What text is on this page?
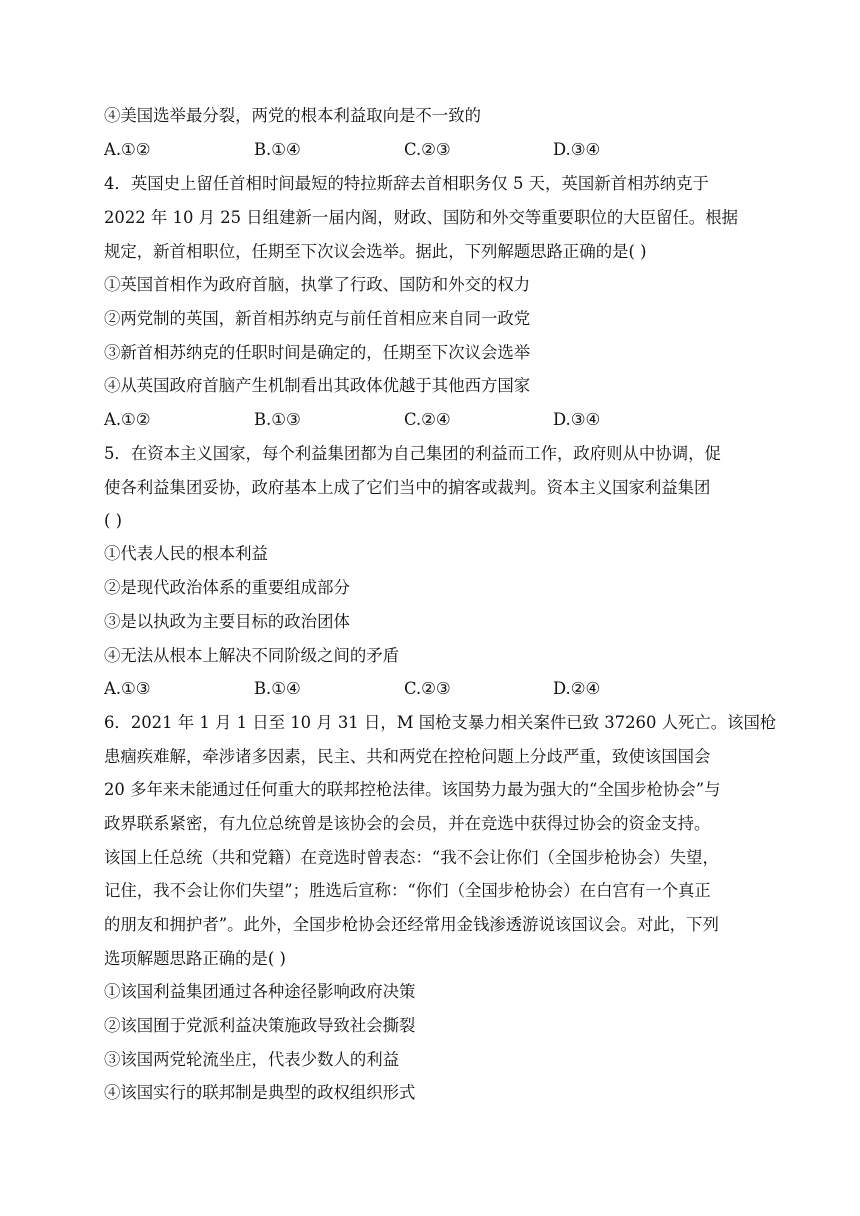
④美国选举最分裂，两党的根本利益取向是不一致的
A.①②	B.①④	C.②③	D.③④
4．英国史上留任首相时间最短的特拉斯辞去首相职务仅 5 天，英国新首相苏纳克于
2022 年 10 月 25 日组建新一届内阁，财政、国防和外交等重要职位的大臣留任。根据
规定，新首相职位，任期至下次议会选举。据此，下列解题思路正确的是( )
①英国首相作为政府首脑，执掌了行政、国防和外交的权力
②两党制的英国，新首相苏纳克与前任首相应来自同一政党
③新首相苏纳克的任职时间是确定的，任期至下次议会选举
④从英国政府首脑产生机制看出其政体优越于其他西方国家
A.①②	B.①③	C.②④	D.③④
5．在资本主义国家，每个利益集团都为自己集团的利益而工作，政府则从中协调，促
使各利益集团妥协，政府基本上成了它们当中的掮客或裁判。资本主义国家利益集团
( )
①代表人民的根本利益
②是现代政治体系的重要组成部分
③是以执政为主要目标的政治团体
④无法从根本上解决不同阶级之间的矛盾
A.①③	B.①④	C.②③	D.②④
6．2021 年 1 月 1 日至 10 月 31 日，M 国枪支暴力相关案件已致 37260 人死亡。该国枪
患痼疾难解，牵涉诸多因素，民主、共和两党在控枪问题上分歧严重，致使该国国会
20 多年来未能通过任何重大的联邦控枪法律。该国势力最为强大的“全国步枪协会”与
政界联系紧密，有九位总统曾是该协会的会员，并在竞选中获得过协会的资金支持。
该国上任总统（共和党籍）在竞选时曾表态：“我不会让你们（全国步枪协会）失望，
记住，我不会让你们失望”；胜选后宣称：“你们（全国步枪协会）在白宫有一个真正
的朋友和拥护者”。此外，全国步枪协会还经常用金钱渗透游说该国议会。对此，下列
选项解题思路正确的是( )
①该国利益集团通过各种途径影响政府决策
②该国囿于党派利益决策施政导致社会撕裂
③该国两党轮流坐庄，代表少数人的利益
④该国实行的联邦制是典型的政权组织形式
